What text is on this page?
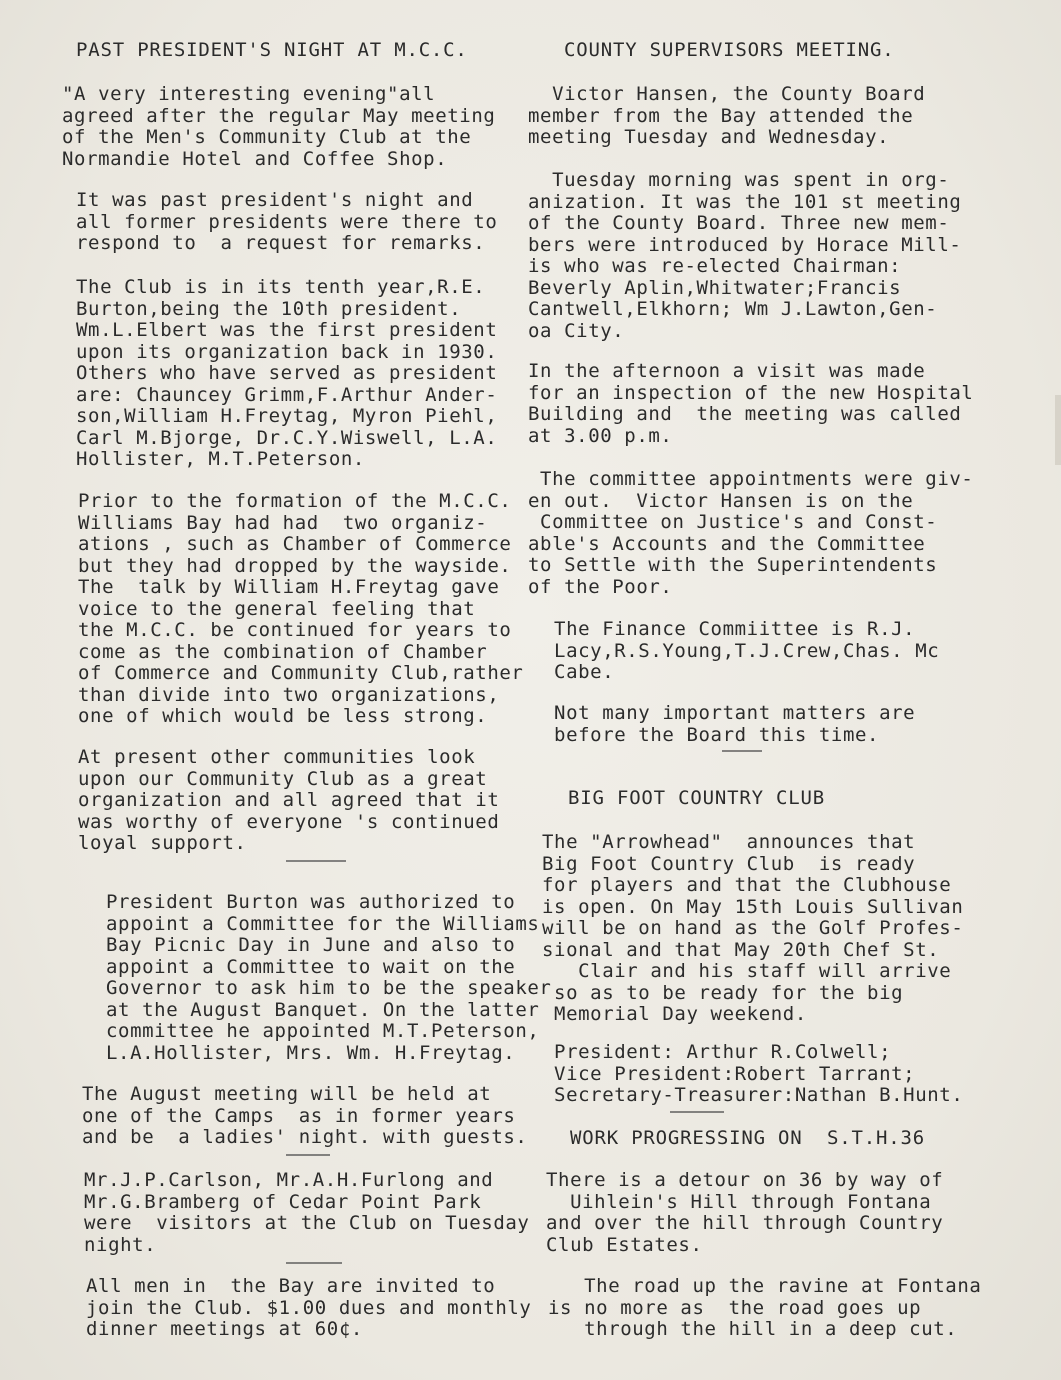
PAST PRESIDENT'S NIGHT AT M.C.C.
"A very interesting evening"all
agreed after the regular May meeting
of the Men's Community Club at the
Normandie Hotel and Coffee Shop.
It was past president's night and
all former presidents were there to
respond to  a request for remarks.
The Club is in its tenth year,R.E.
Burton,being the 10th president.
Wm.L.Elbert was the first president
upon its organization back in 1930.
Others who have served as president
are: Chauncey Grimm,F.Arthur Ander-
son,William H.Freytag, Myron Piehl,
Carl M.Bjorge, Dr.C.Y.Wiswell, L.A.
Hollister, M.T.Peterson.
Prior to the formation of the M.C.C.
Williams Bay had had  two organiz-
ations , such as Chamber of Commerce
but they had dropped by the wayside.
The  talk by William H.Freytag gave
voice to the general feeling that
the M.C.C. be continued for years to
come as the combination of Chamber
of Commerce and Community Club,rather
than divide into two organizations,
one of which would be less strong.
At present other communities look
upon our Community Club as a great
organization and all agreed that it
was worthy of everyone 's continued
loyal support.
President Burton was authorized to
appoint a Committee for the Williams
Bay Picnic Day in June and also to
appoint a Committee to wait on the
Governor to ask him to be the speaker
at the August Banquet. On the latter
committee he appointed M.T.Peterson,
L.A.Hollister, Mrs. Wm. H.Freytag.
The August meeting will be held at
one of the Camps  as in former years
and be  a ladies' night. with guests.
Mr.J.P.Carlson, Mr.A.H.Furlong and
Mr.G.Bramberg of Cedar Point Park
were  visitors at the Club on Tuesday
night.
All men in  the Bay are invited to
join the Club. $1.00 dues and monthly
dinner meetings at 60¢.
COUNTY SUPERVISORS MEETING.
Victor Hansen, the County Board
member from the Bay attended the
meeting Tuesday and Wednesday.
Tuesday morning was spent in org-
anization. It was the 101 st meeting
of the County Board. Three new mem-
bers were introduced by Horace Mill-
is who was re-elected Chairman:
Beverly Aplin,Whitwater;Francis
Cantwell,Elkhorn; Wm J.Lawton,Gen-
oa City.
In the afternoon a visit was made
for an inspection of the new Hospital
Building and  the meeting was called
at 3.00 p.m.
The committee appointments were giv-
en out.  Victor Hansen is on the
Committee on Justice's and Const-
able's Accounts and the Committee
to Settle with the Superintendents
of the Poor.
The Finance Commiittee is R.J.
Lacy,R.S.Young,T.J.Crew,Chas. Mc
Cabe.
Not many important matters are
before the Board this time.
BIG FOOT COUNTRY CLUB
The "Arrowhead"  announces that
Big Foot Country Club  is ready
for players and that the Clubhouse
is open. On May 15th Louis Sullivan
will be on hand as the Golf Profes-
sional and that May 20th Chef St.
Clair and his staff will arrive
so as to be ready for the big
Memorial Day weekend.
President: Arthur R.Colwell;
Vice President:Robert Tarrant;
Secretary-Treasurer:Nathan B.Hunt.
WORK PROGRESSING ON  S.T.H.36
There is a detour on 36 by way of
Uihlein's Hill through Fontana
and over the hill through Country
Club Estates.
The road up the ravine at Fontana
is no more as  the road goes up
through the hill in a deep cut.
